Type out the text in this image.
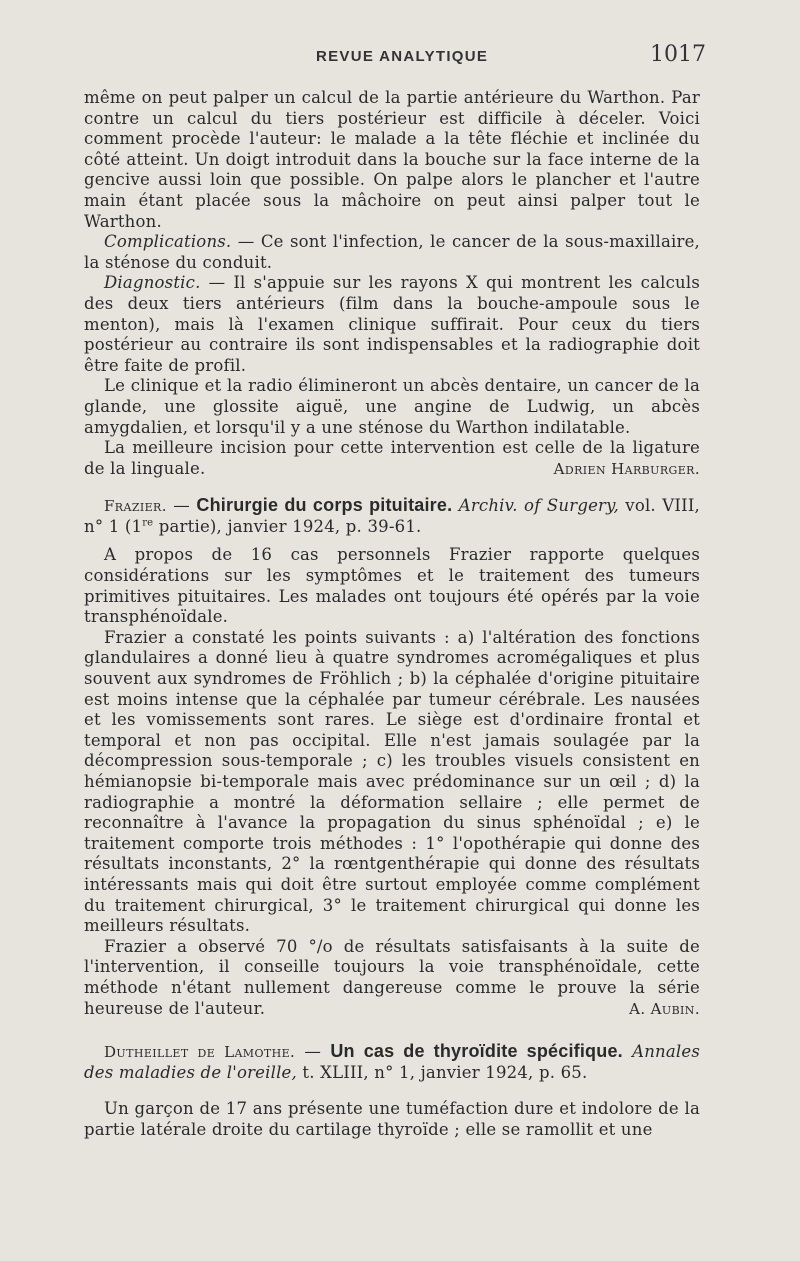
REVUE ANALYTIQUE	1017

même on peut palper un calcul de la partie antérieure du Warthon. Par contre un calcul du tiers postérieur est difficile à déceler. Voici comment procède l'auteur: le malade a la tête fléchie et inclinée du côté atteint. Un doigt introduit dans la bouche sur la face interne de la gencive aussi loin que possible. On palpe alors le plancher et l'autre main étant placée sous la mâchoire on peut ainsi palper tout le Warthon.

Complications. — Ce sont l'infection, le cancer de la sous-maxillaire, la sténose du conduit.

Diagnostic. — Il s'appuie sur les rayons X qui montrent les calculs des deux tiers antérieurs (film dans la bouche-ampoule sous le menton), mais là l'examen clinique suffirait. Pour ceux du tiers postérieur au contraire ils sont indispensables et la radiographie doit être faite de profil.

Le clinique et la radio élimineront un abcès dentaire, un cancer de la glande, une glossite aiguë, une angine de Ludwig, un abcès amygdalien, et lorsqu'il y a une sténose du Warthon indilatable.

La meilleure incision pour cette intervention est celle de la ligature de la linguale.	Adrien Harburger.

Frazier. — Chirurgie du corps pituitaire. Archiv. of Surgery, vol. VIII, n° 1 (1re partie), janvier 1924, p. 39-61.

A propos de 16 cas personnels Frazier rapporte quelques considérations sur les symptômes et le traitement des tumeurs primitives pituitaires. Les malades ont toujours été opérés par la voie transphénoïdale.

Frazier a constaté les points suivants : a) l'altération des fonctions glandulaires a donné lieu à quatre syndromes acromégaliques et plus souvent aux syndromes de Fröhlich ; b) la céphalée d'origine pituitaire est moins intense que la céphalée par tumeur cérébrale. Les nausées et les vomissements sont rares. Le siège est d'ordinaire frontal et temporal et non pas occipital. Elle n'est jamais soulagée par la décompression sous-temporale ; c) les troubles visuels consistent en hémianopsie bi-temporale mais avec prédominance sur un œil ; d) la radiographie a montré la déformation sellaire ; elle permet de reconnaître à l'avance la propagation du sinus sphénoïdal ; e) le traitement comporte trois méthodes : 1° l'opothérapie qui donne des résultats inconstants, 2° la rœntgenthérapie qui donne des résultats intéressants mais qui doit être surtout employée comme complément du traitement chirurgical, 3° le traitement chirurgical qui donne les meilleurs résultats.

Frazier a observé 70 °/o de résultats satisfaisants à la suite de l'intervention, il conseille toujours la voie transphénoïdale, cette méthode n'étant nullement dangereuse comme le prouve la série heureuse de l'auteur.	A. Aubin.

Dutheillet de Lamothe. — Un cas de thyroïdite spécifique. Annales des maladies de l'oreille, t. XLIII, n° 1, janvier 1924, p. 65.

Un garçon de 17 ans présente une tuméfaction dure et indolore de la partie latérale droite du cartilage thyroïde ; elle se ramollit et une
